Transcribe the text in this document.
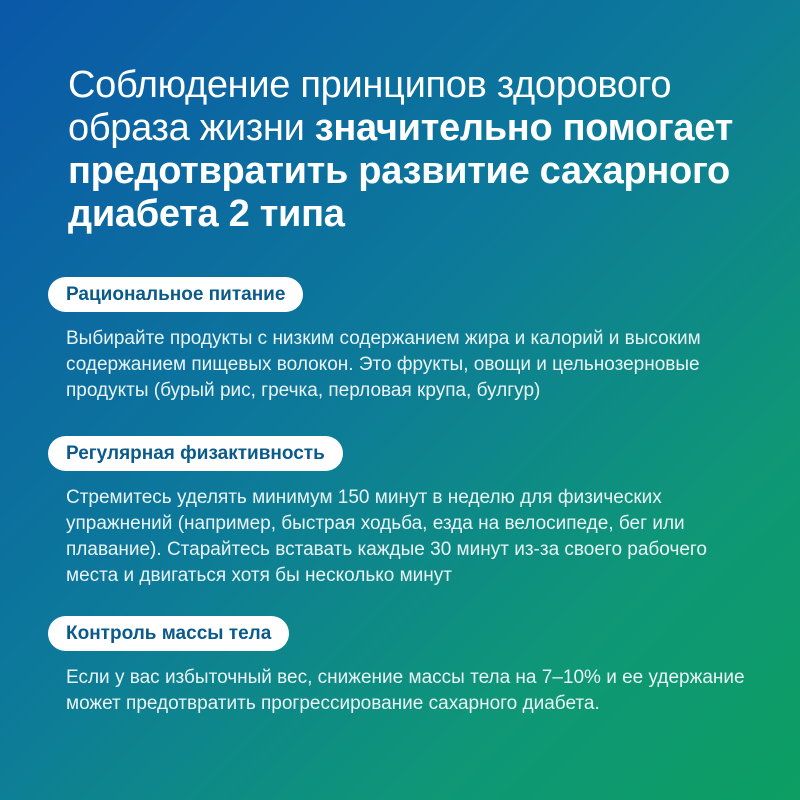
Соблюдение принципов здорового образа жизни значительно помогает предотвратить развитие сахарного диабета 2 типа
Рациональное питание
Выбирайте продукты с низким содержанием жира и калорий и высоким содержанием пищевых волокон. Это фрукты, овощи и цельнозерновые продукты (бурый рис, гречка, перловая крупа, булгур)
Регулярная физактивность
Стремитесь уделять минимум 150 минут в неделю для физических упражнений (например, быстрая ходьба, езда на велосипеде, бег или плавание). Старайтесь вставать каждые 30 минут из-за своего рабочего места и двигаться хотя бы несколько минут
Контроль массы тела
Если у вас избыточный вес, снижение массы тела на 7–10% и ее удержание может предотвратить прогрессирование сахарного диабета.
